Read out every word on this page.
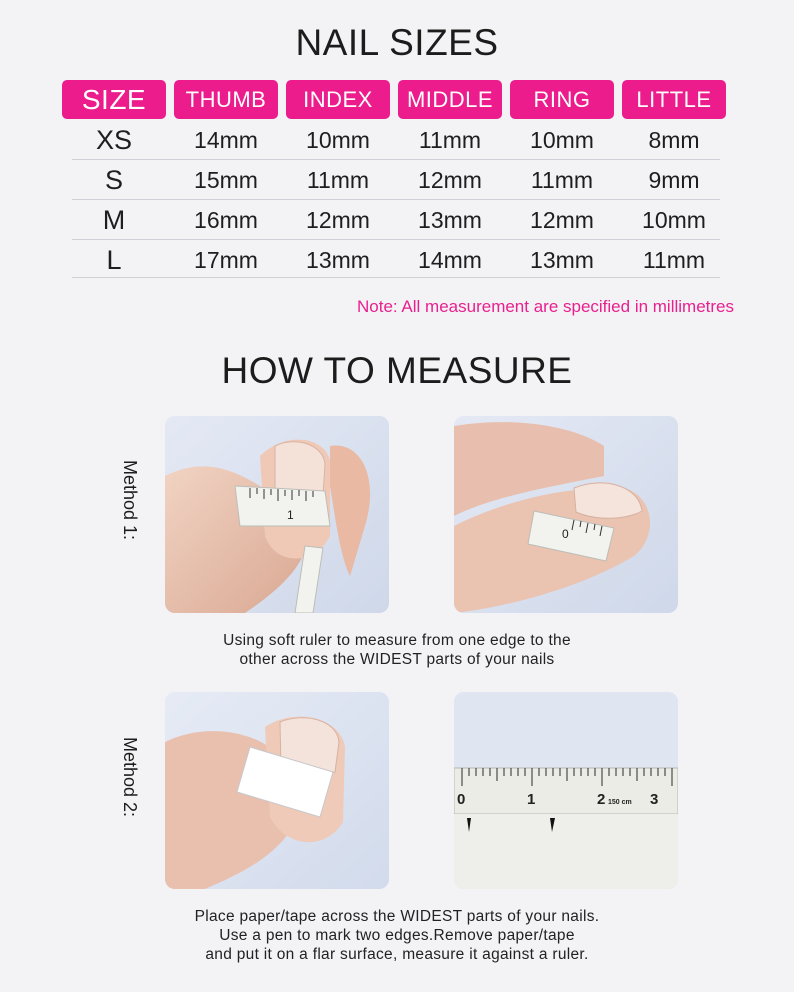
NAIL SIZES
SIZE	THUMB	INDEX	MIDDLE	RING	LITTLE
XS	14mm	10mm	11mm	10mm	8mm
S	15mm	11mm	12mm	11mm	9mm
M	16mm	12mm	13mm	12mm	10mm
L	17mm	13mm	14mm	13mm	11mm
Note: All measurement are specified in millimetres
HOW TO MEASURE
Method 1:
Method 2:
1
0
Using soft ruler to measure from one edge to the
other across the WIDEST parts of your nails
0	1	2 150 cm 3
Place paper/tape across the WIDEST parts of your nails.
Use a pen to mark two edges.Remove paper/tape
and put it on a flar surface, measure it against a ruler.
